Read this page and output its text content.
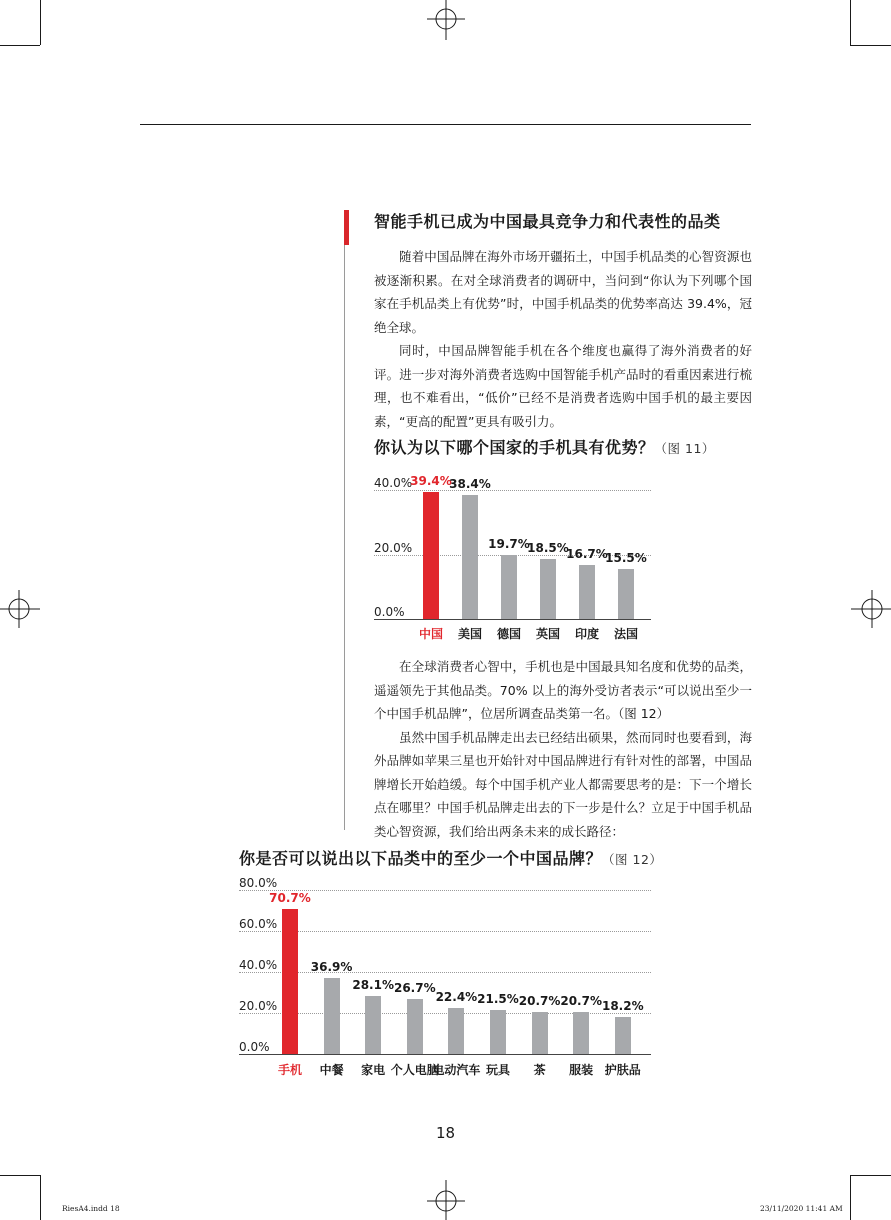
智能手机已成为中国最具竞争力和代表性的品类

随着中国品牌在海外市场开疆拓土，中国手机品类的心智资源也被逐渐积累。在对全球消费者的调研中，当问到“你认为下列哪个国家在手机品类上有优势”时，中国手机品类的优势率高达 39.4%，冠绝全球。

同时，中国品牌智能手机在各个维度也赢得了海外消费者的好评。进一步对海外消费者选购中国智能手机产品时的看重因素进行梳理，也不难看出，“低价”已经不是消费者选购中国手机的最主要因素，“更高的配置”更具有吸引力。

你认为以下哪个国家的手机具有优势？（图 11）
40.0%
20.0%
0.0%
39.4%
中国
38.4%
美国
19.7%
德国
18.5%
英国
16.7%
印度
15.5%
法国

在全球消费者心智中，手机也是中国最具知名度和优势的品类，遥遥领先于其他品类。70% 以上的海外受访者表示“可以说出至少一个中国手机品牌”，位居所调查品类第一名。（图 12）

虽然中国手机品牌走出去已经结出硕果，然而同时也要看到，海外品牌如苹果三星也开始针对中国品牌进行有针对性的部署，中国品牌增长开始趋缓。每个中国手机产业人都需要思考的是：下一个增长点在哪里？中国手机品牌走出去的下一步是什么？立足于中国手机品类心智资源，我们给出两条未来的成长路径：

你是否可以说出以下品类中的至少一个中国品牌？（图 12）
80.0%
60.0%
40.0%
20.0%
0.0%
70.7%
手机
36.9%
中餐
28.1%
家电
26.7%
个人电脑
22.4%
电动汽车
21.5%
玩具
20.7%
茶
20.7%
服装
18.2%
护肤品
18
RiesA4.indd 18	23/11/2020 11:41 AM
